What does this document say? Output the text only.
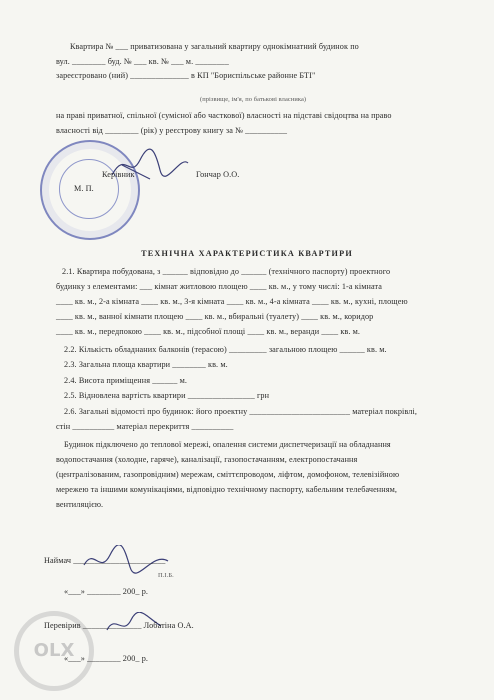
OLX
Квартира № ___ приватизована у загальний квартиру однокімнатний будинок по
вул. ________ буд. № ___ кв. № ___ м. ________
зареєстровано (ний) ______________ в КП "Бориспільське районне БТІ"
(прізвище, ім'я, по батькові власника)
на праві приватної, спільної (сумісної або часткової) власності на підставі свідоцтва на право
власності від ________ (рік) у реєстрову книгу за № __________
Керівник	Гончар О.О.
М. П.
ТЕХНІЧНА ХАРАКТЕРИСТИКА КВАРТИРИ
2.1. Квартира побудована, з ______ відповідно до ______ (технічного паспорту) проектного
будинку з елементами: ___ кімнат житловою площею ____ кв. м., у тому числі: 1-а кімната
____ кв. м., 2-а кімната ____ кв. м., 3-я кімната ____ кв. м., 4-а кімната ____ кв. м., кухні, площею
____ кв. м., ванної кімнати площею ____ кв. м., вбиральні (туалету) ____ кв. м., коридор
____ кв. м., передпокою ____ кв. м., підсобної площі ____ кв. м., веранди ____ кв. м.
2.2. Кількість обладнаних балконів (терасою) _________ загальною площею ______ кв. м.
2.3. Загальна площа квартири ________ кв. м.
2.4. Висота приміщення ______ м.
2.5. Відновлена вартість квартири ________________ грн
2.6. Загальні відомості про будинок: його проектну ________________________ матеріал покрівлі,
стін __________ матеріал перекриття __________
Будинок підключено до теплової мережі, опалення системи диспетчеризації на обладнання
водопостачання (холодне, гаряче), каналізації, газопостачанням, електропостачання
(централізованим, газопровідним) мережам, сміттєпроводом, ліфтом, домофоном, телевізійною
мережею та іншими комунікаціями, відповідно технічному паспорту, кабельним телебаченням,
вентиляцією.
Наймач ______________________
П.І.Б.
«___» ________ 200_ р.
Перевірив ______________ Лобатіна О.А.
«___» ________ 200_ р.
